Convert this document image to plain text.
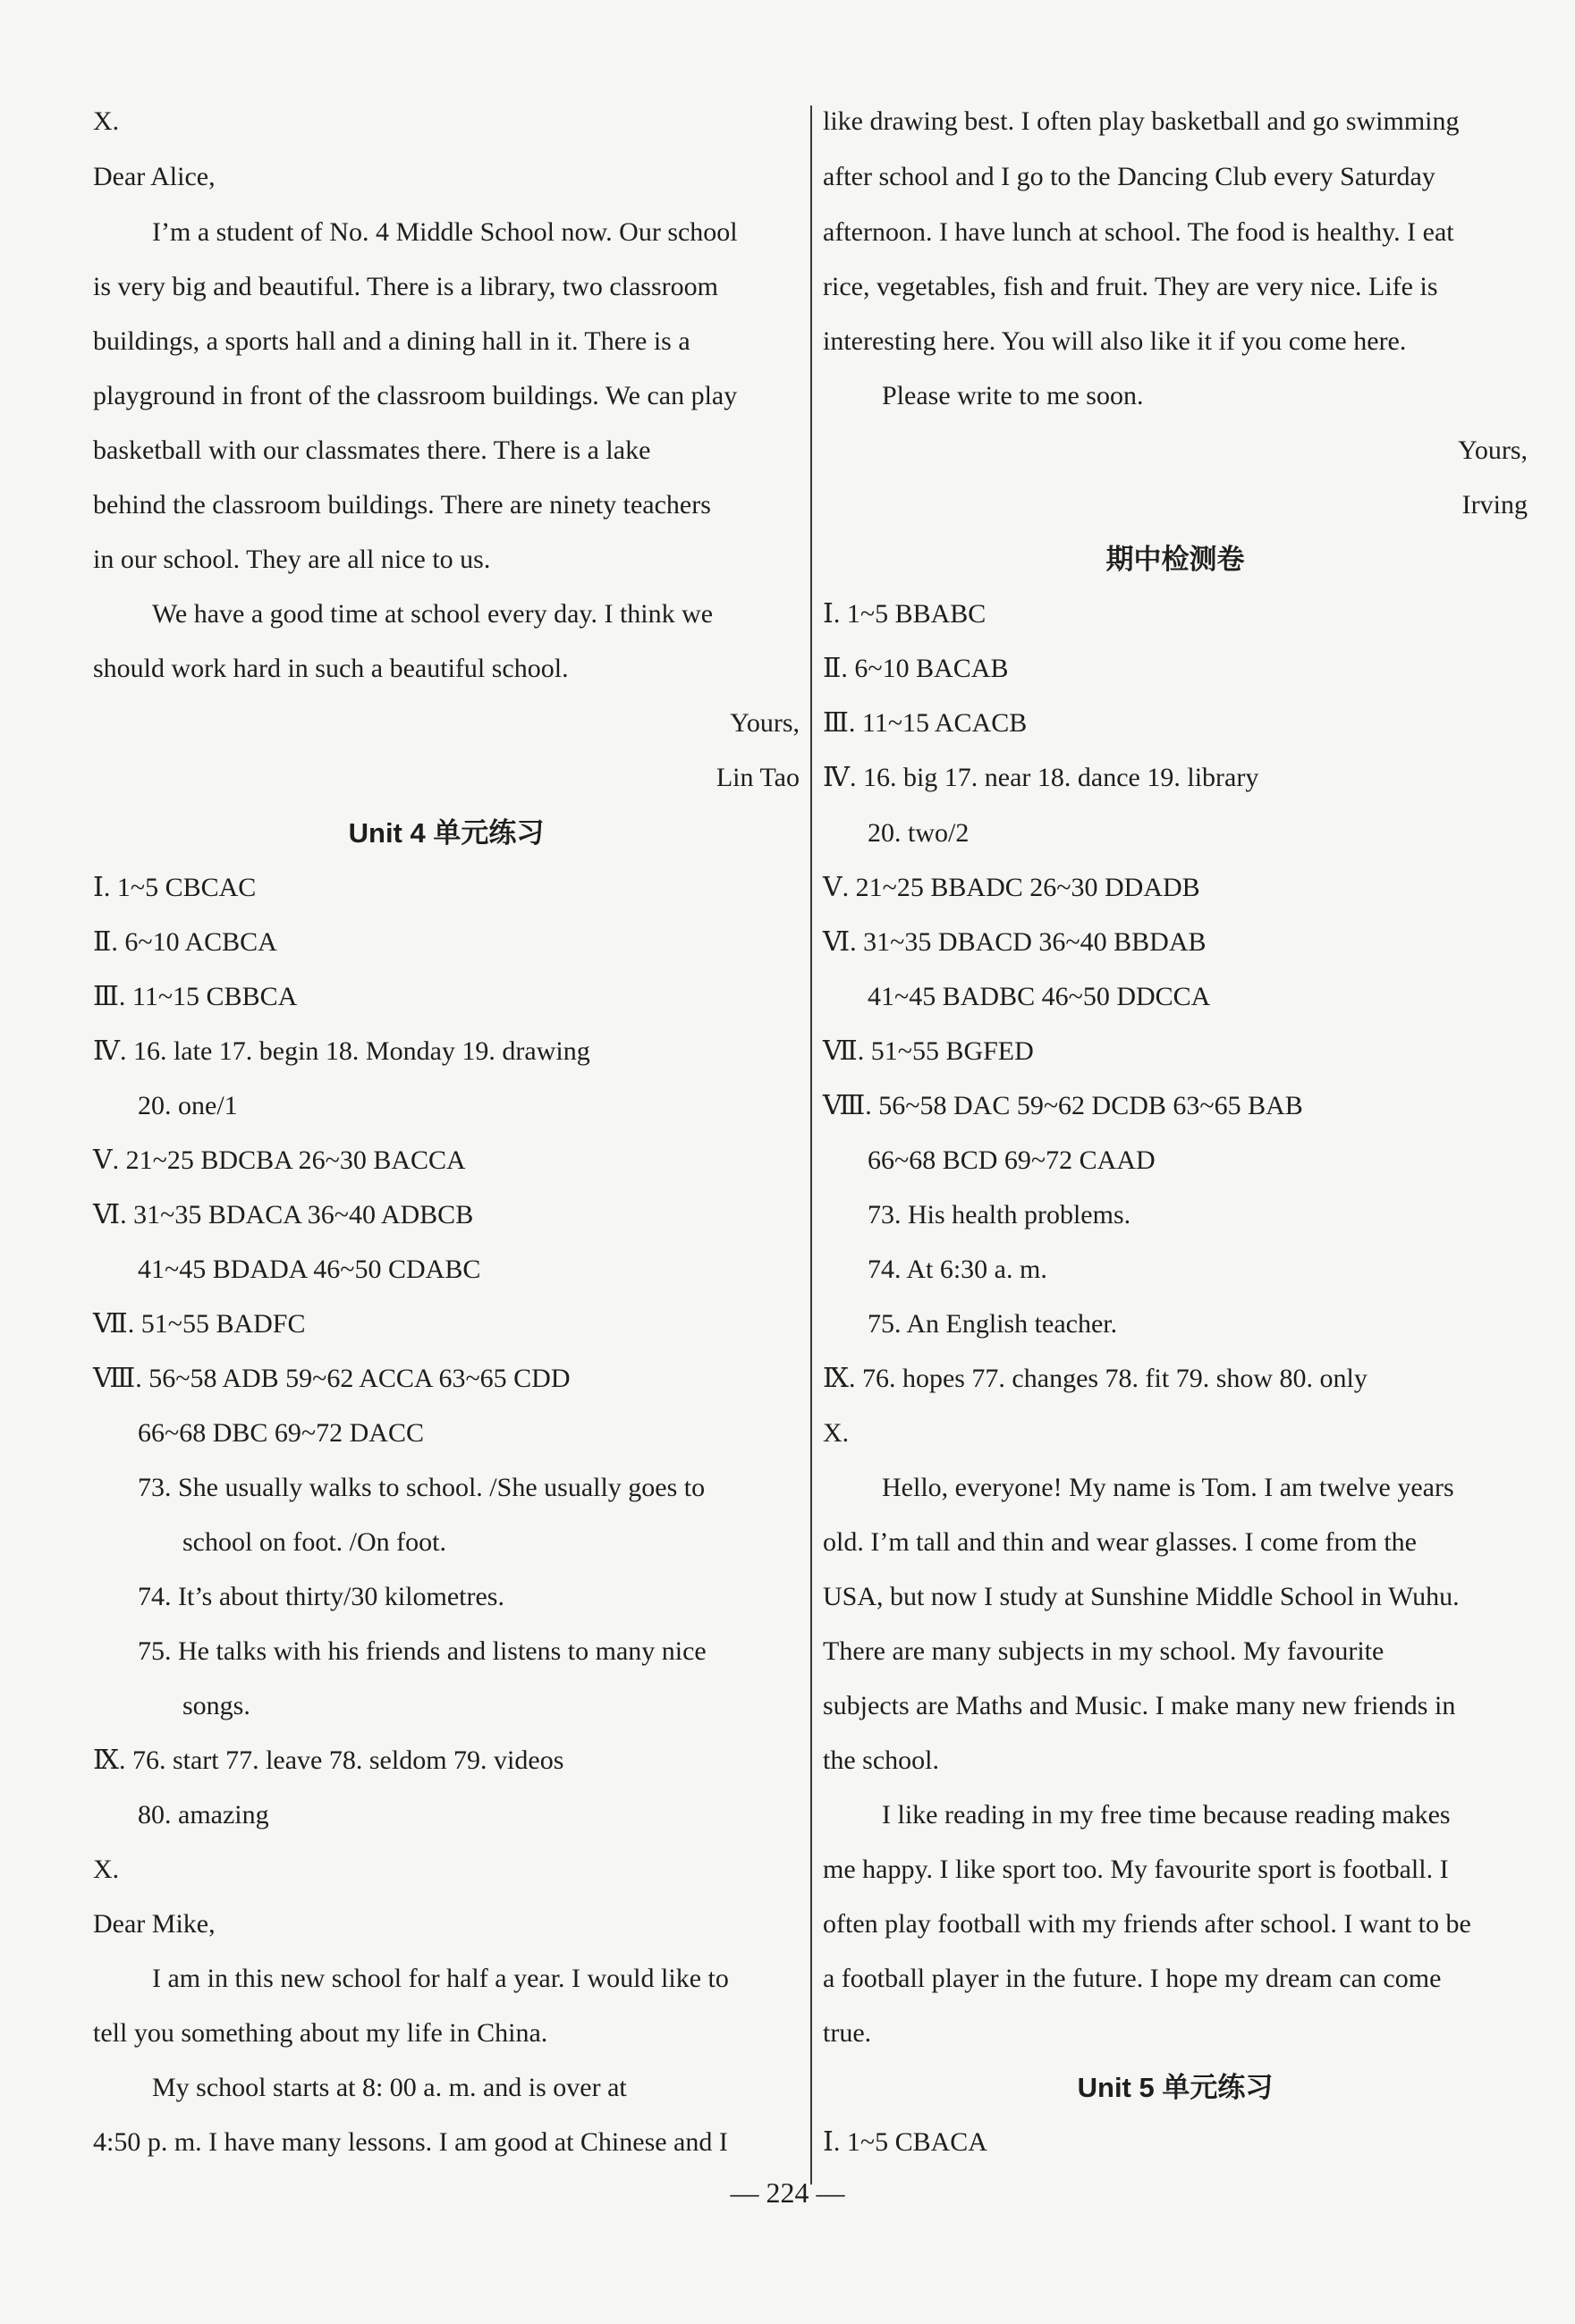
X.
Dear Alice,
I’m a student of No. 4 Middle School now. Our school
is very big and beautiful. There is a library, two classroom
buildings, a sports hall and a dining hall in it. There is a
playground in front of the classroom buildings. We can play
basketball with our classmates there. There is a lake
behind the classroom buildings. There are ninety teachers
in our school. They are all nice to us.
We have a good time at school every day. I think we
should work hard in such a beautiful school.
Yours,
Lin Tao
Unit 4 单元练习
Ⅰ. 1~5 CBCAC
Ⅱ. 6~10 ACBCA
Ⅲ. 11~15 CBBCA
Ⅳ. 16. late 17. begin 18. Monday 19. drawing
20. one/1
Ⅴ. 21~25 BDCBA 26~30 BACCA
Ⅵ. 31~35 BDACA 36~40 ADBCB
41~45 BDADA 46~50 CDABC
Ⅶ. 51~55 BADFC
Ⅷ. 56~58 ADB 59~62 ACCA 63~65 CDD
66~68 DBC 69~72 DACC
73. She usually walks to school. /She usually goes to
school on foot. /On foot.
74. It’s about thirty/30 kilometres.
75. He talks with his friends and listens to many nice
songs.
Ⅸ. 76. start 77. leave 78. seldom 79. videos
80. amazing
X.
Dear Mike,
I am in this new school for half a year. I would like to
tell you something about my life in China.
My school starts at 8: 00 a. m. and is over at
4:50 p. m. I have many lessons. I am good at Chinese and I
like drawing best. I often play basketball and go swimming
after school and I go to the Dancing Club every Saturday
afternoon. I have lunch at school. The food is healthy. I eat
rice, vegetables, fish and fruit. They are very nice. Life is
interesting here. You will also like it if you come here.
Please write to me soon.
Yours,
Irving
期中检测卷
Ⅰ. 1~5 BBABC
Ⅱ. 6~10 BACAB
Ⅲ. 11~15 ACACB
Ⅳ. 16. big 17. near 18. dance 19. library
20. two/2
Ⅴ. 21~25 BBADC 26~30 DDADB
Ⅵ. 31~35 DBACD 36~40 BBDAB
41~45 BADBC 46~50 DDCCA
Ⅶ. 51~55 BGFED
Ⅷ. 56~58 DAC 59~62 DCDB 63~65 BAB
66~68 BCD 69~72 CAAD
73. His health problems.
74. At 6:30 a. m.
75. An English teacher.
Ⅸ. 76. hopes 77. changes 78. fit 79. show 80. only
X.
Hello, everyone! My name is Tom. I am twelve years
old. I’m tall and thin and wear glasses. I come from the
USA, but now I study at Sunshine Middle School in Wuhu.
There are many subjects in my school. My favourite
subjects are Maths and Music. I make many new friends in
the school.
I like reading in my free time because reading makes
me happy. I like sport too. My favourite sport is football. I
often play football with my friends after school. I want to be
a football player in the future. I hope my dream can come
true.
Unit 5 单元练习
Ⅰ. 1~5 CBACA
— 224 —
